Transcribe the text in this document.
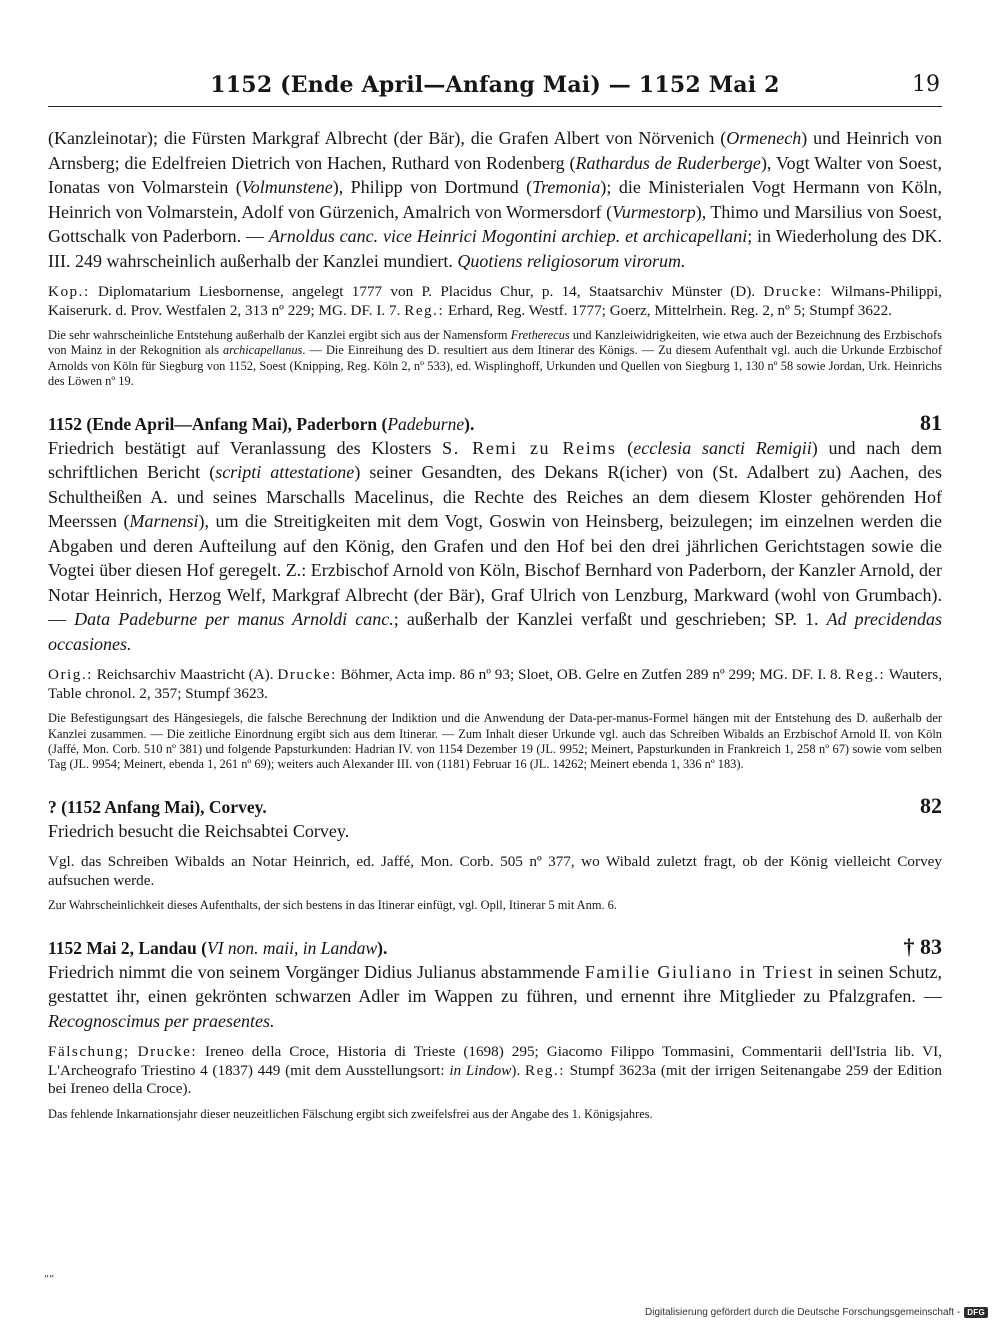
1152 (Ende April—Anfang Mai) — 1152 Mai 2	19

(Kanzleinotar); die Fürsten Markgraf Albrecht (der Bär), die Grafen Albert von Nörvenich (Ormenech) und Heinrich von Arnsberg; die Edelfreien Dietrich von Hachen, Ruthard von Rodenberg (Rathardus de Ruderberge), Vogt Walter von Soest, Ionatas von Volmarstein (Volmunstene), Philipp von Dortmund (Tremonia); die Ministerialen Vogt Hermann von Köln, Heinrich von Volmarstein, Adolf von Gürzenich, Amalrich von Wormersdorf (Vurmestorp), Thimo und Marsilius von Soest, Gottschalk von Paderborn. — Arnoldus canc. vice Heinrici Mogontini archiep. et archicapellani; in Wiederholung des DK. III. 249 wahrscheinlich außerhalb der Kanzlei mundiert. Quotiens religiosorum virorum.

Kop.: Diplomatarium Liesbornense, angelegt 1777 von P. Placidus Chur, p. 14, Staatsarchiv Münster (D). Drucke: Wilmans-Philippi, Kaiserurk. d. Prov. Westfalen 2, 313 nº 229; MG. DF. I. 7. Reg.: Erhard, Reg. Westf. 1777; Goerz, Mittelrhein. Reg. 2, nº 5; Stumpf 3622.

Die sehr wahrscheinliche Entstehung außerhalb der Kanzlei ergibt sich aus der Namensform Fretherecus und Kanzleiwidrigkeiten, wie etwa auch der Bezeichnung des Erzbischofs von Mainz in der Rekognition als archicapellanus. — Die Einreihung des D. resultiert aus dem Itinerar des Königs. — Zu diesem Aufenthalt vgl. auch die Urkunde Erzbischof Arnolds von Köln für Siegburg von 1152, Soest (Knipping, Reg. Köln 2, nº 533), ed. Wisplinghoff, Urkunden und Quellen von Siegburg 1, 130 nº 58 sowie Jordan, Urk. Heinrichs des Löwen nº 19.

1152 (Ende April—Anfang Mai), Paderborn (Padeburne).	81

Friedrich bestätigt auf Veranlassung des Klosters S. Remi zu Reims (ecclesia sancti Remigii) und nach dem schriftlichen Bericht (scripti attestatione) seiner Gesandten, des Dekans R(icher) von (St. Adalbert zu) Aachen, des Schultheißen A. und seines Marschalls Macelinus, die Rechte des Reiches an dem diesem Kloster gehörenden Hof Meerssen (Marnensi), um die Streitigkeiten mit dem Vogt, Goswin von Heinsberg, beizulegen; im einzelnen werden die Abgaben und deren Aufteilung auf den König, den Grafen und den Hof bei den drei jährlichen Gerichtstagen sowie die Vogtei über diesen Hof geregelt. Z.: Erzbischof Arnold von Köln, Bischof Bernhard von Paderborn, der Kanzler Arnold, der Notar Heinrich, Herzog Welf, Markgraf Albrecht (der Bär), Graf Ulrich von Lenzburg, Markward (wohl von Grumbach). — Data Padeburne per manus Arnoldi canc.; außerhalb der Kanzlei verfaßt und geschrieben; SP. 1. Ad precidendas occasiones.

Orig.: Reichsarchiv Maastricht (A). Drucke: Böhmer, Acta imp. 86 nº 93; Sloet, OB. Gelre en Zutfen 289 nº 299; MG. DF. I. 8. Reg.: Wauters, Table chronol. 2, 357; Stumpf 3623.

Die Befestigungsart des Hängesiegels, die falsche Berechnung der Indiktion und die Anwendung der Data-per-manus-Formel hängen mit der Entstehung des D. außerhalb der Kanzlei zusammen. — Die zeitliche Einordnung ergibt sich aus dem Itinerar. — Zum Inhalt dieser Urkunde vgl. auch das Schreiben Wibalds an Erzbischof Arnold II. von Köln (Jaffé, Mon. Corb. 510 nº 381) und folgende Papsturkunden: Hadrian IV. von 1154 Dezember 19 (JL. 9952; Meinert, Papsturkunden in Frankreich 1, 258 nº 67) sowie vom selben Tag (JL. 9954; Meinert, ebenda 1, 261 nº 69); weiters auch Alexander III. von (1181) Februar 16 (JL. 14262; Meinert ebenda 1, 336 nº 183).

? (1152 Anfang Mai), Corvey.	82

Friedrich besucht die Reichsabtei Corvey.

Vgl. das Schreiben Wibalds an Notar Heinrich, ed. Jaffé, Mon. Corb. 505 nº 377, wo Wibald zuletzt fragt, ob der König vielleicht Corvey aufsuchen werde.

Zur Wahrscheinlichkeit dieses Aufenthalts, der sich bestens in das Itinerar einfügt, vgl. Opll, Itinerar 5 mit Anm. 6.

1152 Mai 2, Landau (VI non. maii, in Landaw).	† 83

Friedrich nimmt die von seinem Vorgänger Didius Julianus abstammende Familie Giuliano in Triest in seinen Schutz, gestattet ihr, einen gekrönten schwarzen Adler im Wappen zu führen, und ernennt ihre Mitglieder zu Pfalzgrafen. — Recognoscimus per praesentes.

Fälschung; Drucke: Ireneo della Croce, Historia di Trieste (1698) 295; Giacomo Filippo Tommasini, Commentarii dell'Istria lib. VI, L'Archeografo Triestino 4 (1837) 449 (mit dem Ausstellungsort: in Lindow). Reg.: Stumpf 3623a (mit der irrigen Seitenangabe 259 der Edition bei Ireneo della Croce).

Das fehlende Inkarnationsjahr dieser neuzeitlichen Fälschung ergibt sich zweifelsfrei aus der Angabe des 1. Königsjahres.

„„
Digitalisierung gefördert durch die Deutsche Forschungsgemeinschaft - DFG
